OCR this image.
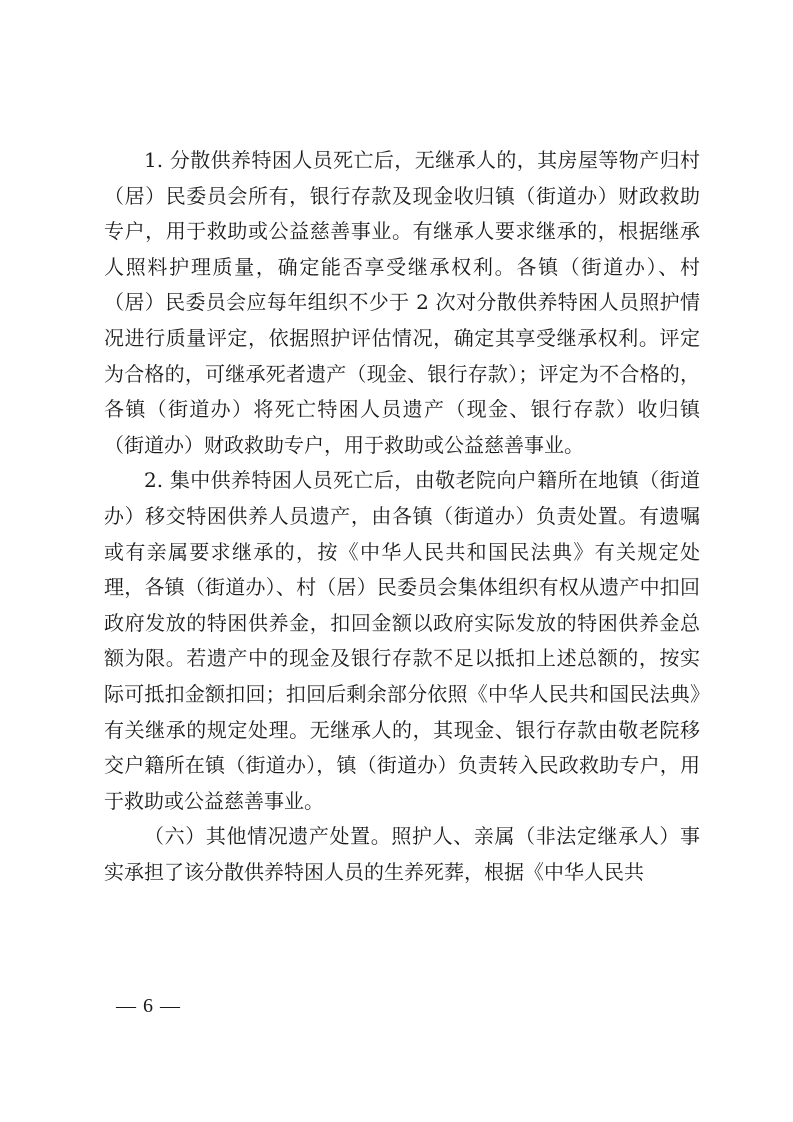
1. 分散供养特困人员死亡后，无继承人的，其房屋等物产归村（居）民委员会所有，银行存款及现金收归镇（街道办）财政救助专户，用于救助或公益慈善事业。有继承人要求继承的，根据继承人照料护理质量，确定能否享受继承权利。各镇（街道办）、村（居）民委员会应每年组织不少于 2 次对分散供养特困人员照护情况进行质量评定，依据照护评估情况，确定其享受继承权利。评定为合格的，可继承死者遗产（现金、银行存款）；评定为不合格的，各镇（街道办）将死亡特困人员遗产（现金、银行存款）收归镇（街道办）财政救助专户，用于救助或公益慈善事业。

2. 集中供养特困人员死亡后，由敬老院向户籍所在地镇（街道办）移交特困供养人员遗产，由各镇（街道办）负责处置。有遗嘱或有亲属要求继承的，按《中华人民共和国民法典》有关规定处理，各镇（街道办）、村（居）民委员会集体组织有权从遗产中扣回政府发放的特困供养金，扣回金额以政府实际发放的特困供养金总额为限。若遗产中的现金及银行存款不足以抵扣上述总额的，按实际可抵扣金额扣回；扣回后剩余部分依照《中华人民共和国民法典》有关继承的规定处理。无继承人的，其现金、银行存款由敬老院移交户籍所在镇（街道办），镇（街道办）负责转入民政救助专户，用于救助或公益慈善事业。

（六）其他情况遗产处置。照护人、亲属（非法定继承人）事实承担了该分散供养特困人员的生养死葬，根据《中华人民共

— 6 —
